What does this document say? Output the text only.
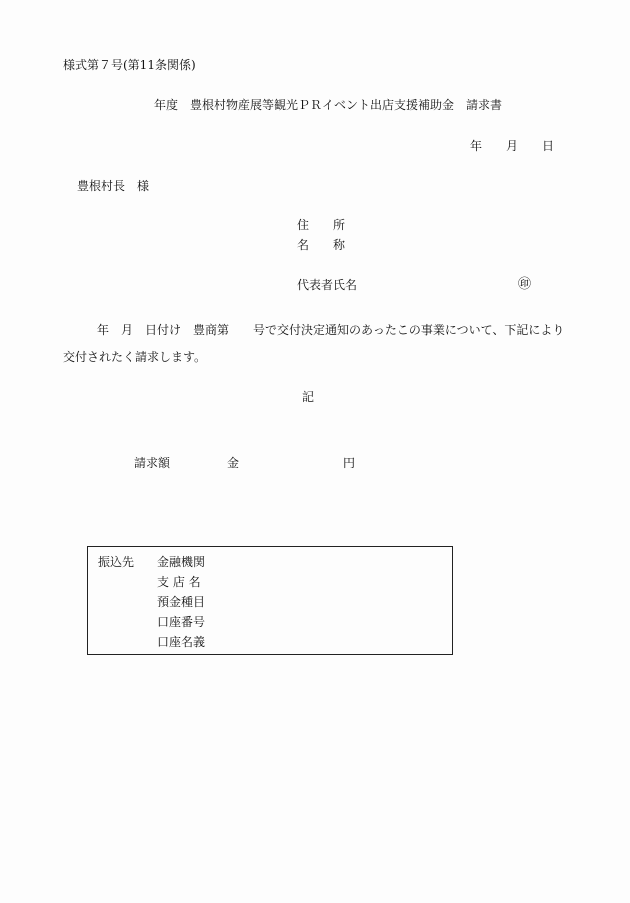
様式第７号(第11条関係)
年度　豊根村物産展等観光ＰＲイベント出店支援補助金　請求書
年 月 日
豊根村長　様
住　　所
名　　称
代表者氏名	㊞
年　月　日付け　豊商第　　号で交付決定通知のあったこの事業について、下記により
交付されたく請求します。
記
請求額	金	円
振込先 金融機関
支 店 名
預金種目
口座番号
口座名義
